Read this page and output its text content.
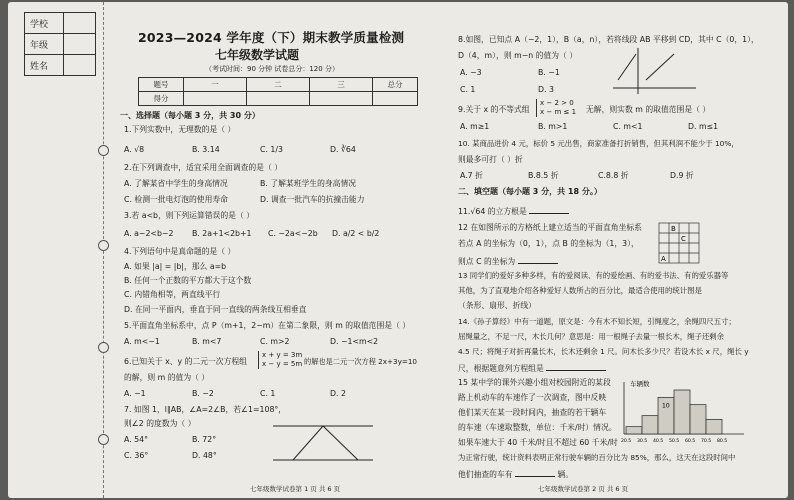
学校	
年级	
姓名	
2023—2024 学年度（下）期末教学质量检测
七年级数学试题
（考试时间：90 分钟 试卷总分：120 分）
题号	一	二	三	总分
得分				
一、选择题（每小题 3 分，共 30 分）
1.下列实数中，无理数的是（ ）
A. √8	B. 3.14	C. 1/3	D. ∛64
2.在下列调查中，适宜采用全面调查的是（ ）
A. 了解某省中学生的身高情况	B. 了解某班学生的身高情况
C. 检测一批电灯泡的使用寿命	D. 调查一批汽车的抗撞击能力
3.若 a<b，则下列运算错误的是（ ）
A. a−2<b−2 B. 2a+1<2b+1 C. −2a<−2b D. a/2 < b/2
4.下列语句中是真命题的是（ ）
A. 如果 |a| = |b|，那么 a=b
B. 任何一个正数的平方都大于这个数
C. 内错角相等，两直线平行
D. 在同一平面内，垂直于同一直线的两条线互相垂直
5.平面直角坐标系中，点 P（m+1，2−m）在第二象限，则 m 的取值范围是（ ）
A. m<−1	B. m<7	C. m>2	D. −1<m<2
6.已知关于 x、y 的二元一次方程组
x + y = 3m
x − y = 5m 的解也是二元一次方程 2x+3y=10
的解，则 m 的值为（ ）
A. −1	B. −2	C. 1	D. 2
7. 如图 1，l∥AB，∠A=2∠B，若∠1=108°，
则∠2 的度数为（ ）
A. 54°	B. 72°
C. 36°	D. 48°
七年级数学试卷第 1 页 共 6 页
8.如图，已知点 A（−2，1），B（a，n），若将线段 AB 平移到 CD，其中 C（0，1），
D（4，m），则 m−n 的值为（ ）
A. −3	B. −1
C. 1	D. 3
9.关于 x 的不等式组
x − 2 > 0
x − m ≤ 1 无解，则实数 m 的取值范围是（ ）
A. m≥1	B. m>1	C. m<1	D. m≤1
10. 某商品进价 4 元，标价 5 元出售，商家准备打折销售，但其利润不能少于 10%，
则最多可打（ ）折
A.7 折	B.8.5 折	C.8.8 折	D.9 折
二、填空题（每小题 3 分，共 18 分。）
11.√64 的立方根是
12 在如图所示的方格纸上建立适当的平面直角坐标系
若点 A 的坐标为（0，1），点 B 的坐标为（1，3），
则点 C 的坐标为
B
C
A
13 同学们的爱好多种多样，有的爱阅读、有的爱绘画、有的爱书法、有的爱乐器等
其他，为了直观地介绍各种爱好人数所占的百分比，最适合使用的统计图是
（条形、扇形、折线）
14.《孙子算经》中有一道题，原文是：今有木不知长短，引绳度之，余绳四尺五寸；
屈绳量之，不足一尺，木长几何？意思是：用一根绳子去量一根长木，绳子还剩余
4.5 尺；将绳子对折再量长木，长木还剩余 1 尺。问木长多少尺？若设木长 x 尺，绳长 y
尺，根据题意列方程组是
15 某中学的课外兴趣小组对校园附近的某段
路上机动车的车速作了一次调查，图中反映
他们某天在某一段时间内，抽查的若干辆车
的车速（车速取整数，单位：千米/时）情况。
如果车速大于 40 千米/时且不超过 60 千米/时
为正常行驶，统计资料表明正常行驶车辆的百分比为 85%，那么，这天在这段时间中
他们抽查的车有	辆。
车辆数
10
20.5 30.5 40.5 50.5 60.5 70.5 80.5
七年级数学试卷第 2 页 共 6 页
